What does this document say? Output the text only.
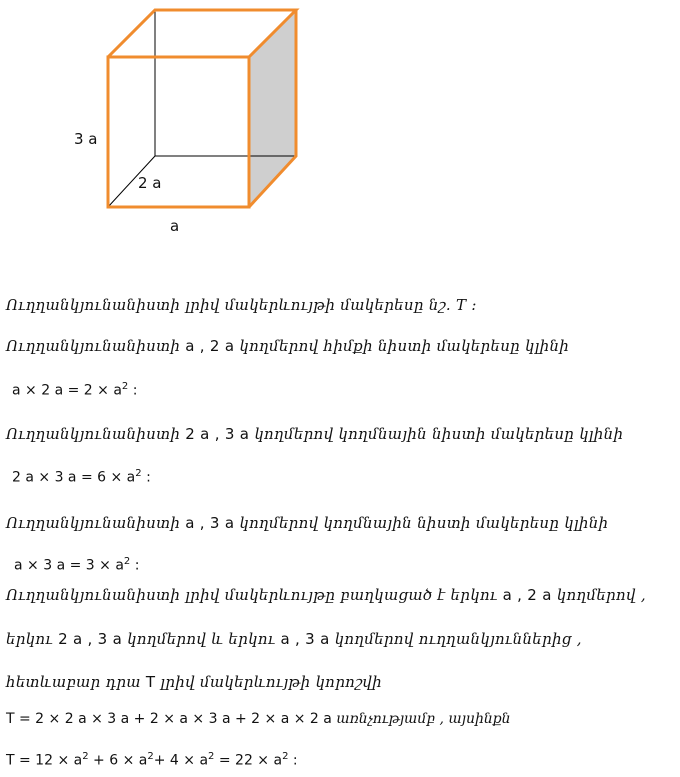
3 a
2 a
a
Ուղղանկյունանիստի լրիվ մակերևույթի մակերեսը նշ. T :
Ուղղանկյունանիստի a , 2 a կողմերով հիմքի նիստի մակերեսը կլինի
a × 2 $a = 2 \times a^2$ :
Ուղղանկյունանիստի 2 a , 3 a կողմերով կողմնային նիստի մակերեսը կլինի
2 a × 3 $a = 6 \times a^2$ :
Ուղղանկյունանիստի a , 3 a կողմերով կողմնային նիստի մակերեսը կլինի
a × 3 $a = 3 \times a^2$ :
Ուղղանկյունանիստի լրիվ մակերևույթը բաղկացած է երկու a , 2 a կողմերով ,
երկու 2 a , 3 a կողմերով և երկու a , 3 a կողմերով ուղղանկյուններից ,
հետևաբար դրա T լրիվ մակերևույթի կորոշվի
T = 2 × 2 a × 3 a + 2 × a × 3 a + 2 × a × 2 a առնչությամբ , այսինքն
$T = 12 \times a^2 + 6 \times a^2+ 4 \times a^2 = 22 \times a^2$ :
